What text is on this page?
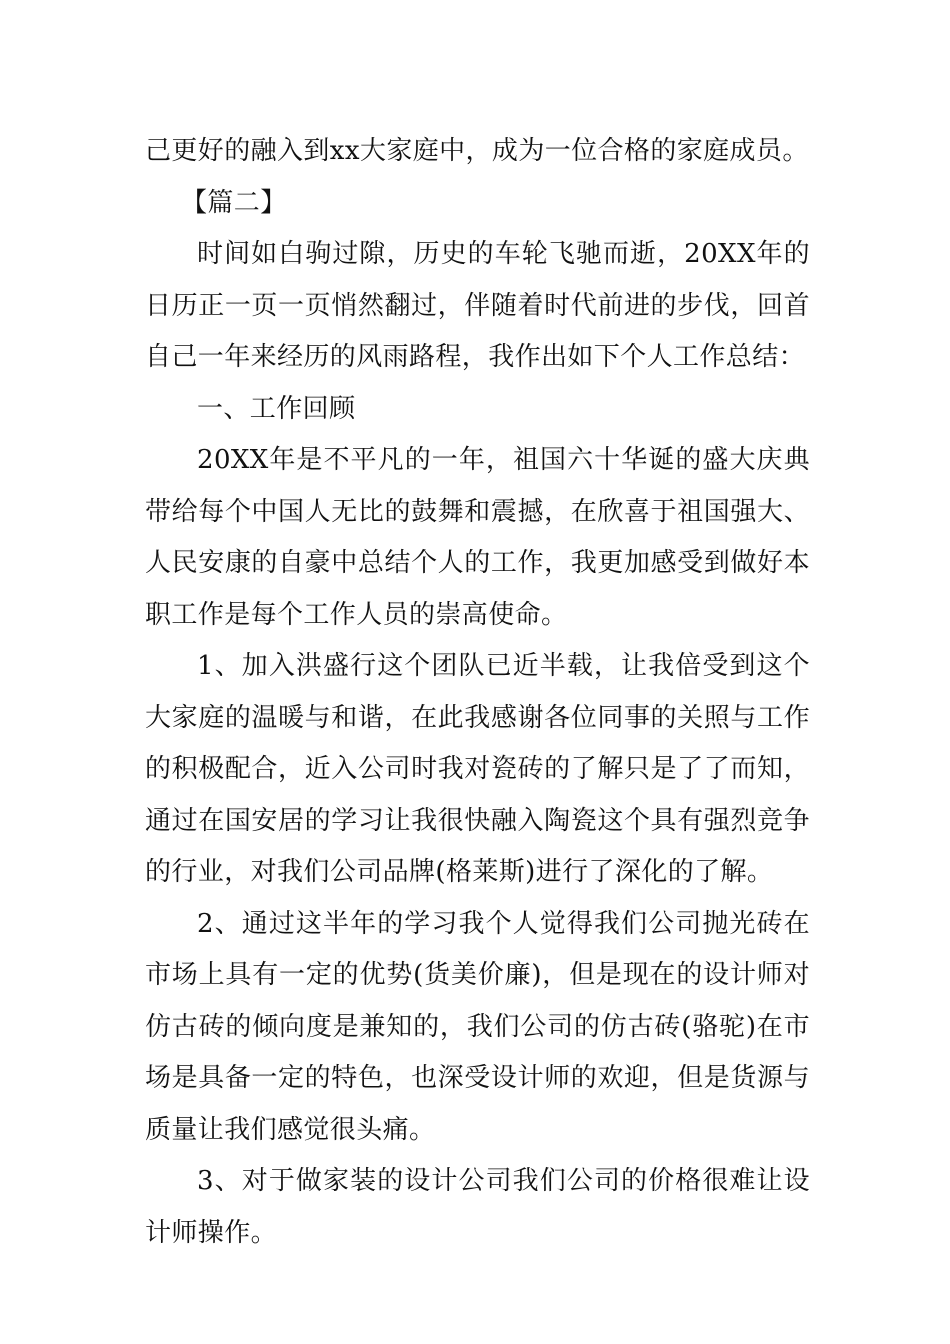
己更好的融入到xx大家庭中，成为一位合格的家庭成员。

【篇二】

时间如白驹过隙，历史的车轮飞驰而逝，20XX年的日历正一页一页悄然翻过，伴随着时代前进的步伐，回首自己一年来经历的风雨路程，我作出如下个人工作总结：

一、工作回顾

20XX年是不平凡的一年，祖国六十华诞的盛大庆典带给每个中国人无比的鼓舞和震撼，在欣喜于祖国强大、人民安康的自豪中总结个人的工作，我更加感受到做好本职工作是每个工作人员的崇高使命。

1、加入洪盛行这个团队已近半载，让我倍受到这个大家庭的温暖与和谐，在此我感谢各位同事的关照与工作的积极配合，近入公司时我对瓷砖的了解只是了了而知，通过在国安居的学习让我很快融入陶瓷这个具有强烈竞争的行业，对我们公司品牌(格莱斯)进行了深化的了解。

2、通过这半年的学习我个人觉得我们公司抛光砖在市场上具有一定的优势(货美价廉)，但是现在的设计师对仿古砖的倾向度是兼知的，我们公司的仿古砖(骆驼)在市场是具备一定的特色，也深受设计师的欢迎，但是货源与质量让我们感觉很头痛。

3、对于做家装的设计公司我们公司的价格很难让设计师操作。
